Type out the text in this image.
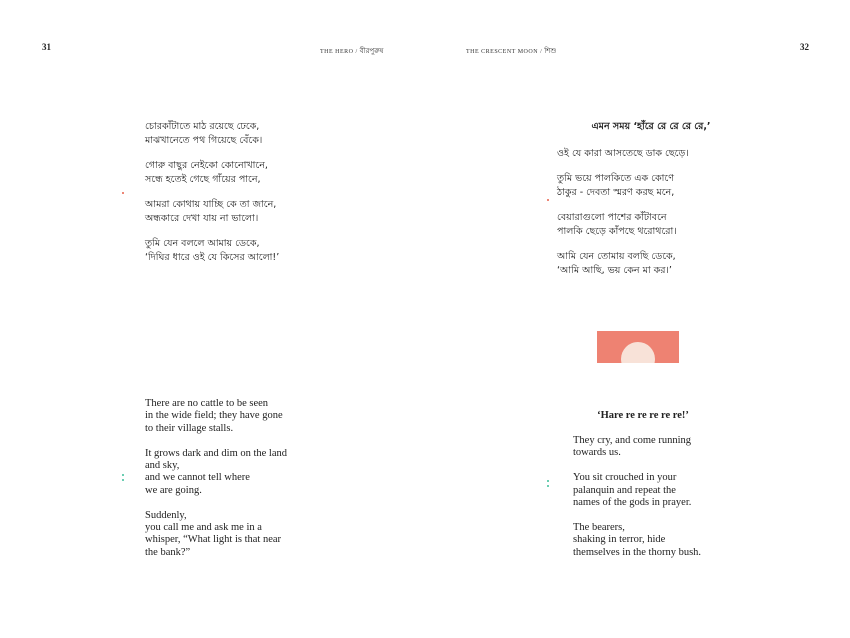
31	THE HERO / বীরপুরুষ

চোরকাঁটাতে মাঠ রয়েছে ঢেকে,
মাঝখানেতে পথ গিয়েছে বেঁকে।

গোরু বাছুর নেইকো কোনোখানে,
সন্ধে হতেই গেছে গাঁয়ের পানে,

আমরা কোথায় যাচ্ছি কে তা জানে,
অন্ধকারে দেখা যায় না ভালো।

তুমি যেন বললে আমায় ডেকে,
‘দিঘির ধারে ওই যে কিসের আলো!’

There are no cattle to be seen
in the wide field; they have gone
to their village stalls.

It grows dark and dim on the land
and sky,
and we cannot tell where
we are going.

Suddenly,
you call me and ask me in a
whisper, “What light is that near
the bank?”

32
THE CRESCENT MOON / শিশু
এমন সময় ‘হাঁরে রে রে রে রে,’

ওই যে কারা আসতেছে ডাক ছেড়ে।

তুমি ভয়ে পালকিতে এক কোণে
ঠাকুর - দেবতা স্মরণ করছ মনে,

বেয়ারাগুলো পাশের কাঁটাবনে
পালকি ছেড়ে কাঁপছে থরোথরো।

আমি যেন তোমায় বলছি ডেকে,
‘আমি আছি, ভয় কেন মা কর।’

‘Hare re re re re re!’

They cry, and come running
towards us.

You sit crouched in your
palanquin and repeat the
names of the gods in prayer.

The bearers,
shaking in terror, hide
themselves in the thorny bush.
